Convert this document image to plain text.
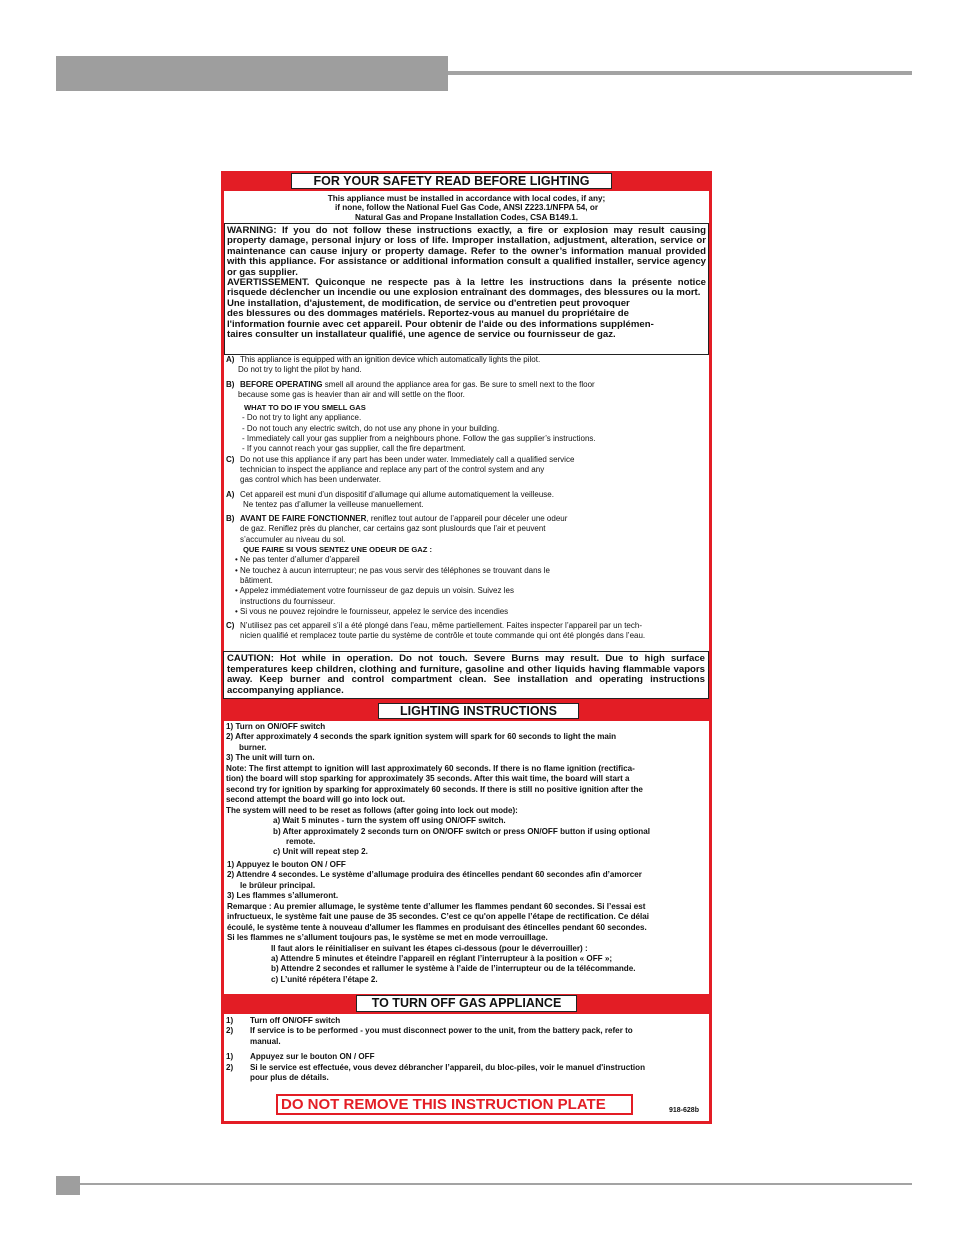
FOR YOUR SAFETY READ BEFORE LIGHTING
This appliance must be installed in accordance with local codes, if any;
if none, follow the National Fuel Gas Code, ANSI Z223.1/NFPA 54, or
Natural Gas and Propane Installation Codes, CSA B149.1.

WARNING: If you do not follow these instructions exactly, a fire or explosion may result causing property damage, personal injury or loss of life. Improper installation, adjustment, alteration, service or maintenance can cause injury or property damage. Refer to the owner’s information manual provided with this appliance. For assistance or additional information consult a qualified installer, service agency or gas supplier.

AVERTISSEMENT. Quiconque ne respecte pas à la lettre les instructions dans la présente notice risquede déclencher un incendie ou une explosion entraînant des dommages, des blessures ou la mort.

Une installation, d'ajustement, de modification, de service ou d'entretien peut provoquer

des blessures ou des dommages matériels. Reportez-vous au manuel du propriétaire de

l'information fournie avec cet appareil. Pour obtenir de l'aide ou des informations supplémen-

taires consulter un installateur qualifié, une agence de service ou fournisseur de gaz.

A) This appliance is equipped with an ignition device which automatically lights the pilot.

Do not try to light the pilot by hand.

B) BEFORE OPERATING smell all around the appliance area for gas. Be sure to smell next to the floor

because some gas is heavier than air and will settle on the floor.

WHAT TO DO IF YOU SMELL GAS

- Do not try to light any appliance.

- Do not touch any electric switch, do not use any phone in your building.

- Immediately call your gas supplier from a neighbours phone. Follow the gas supplier’s instructions.

- If you cannot reach your gas supplier, call the fire department.

C) Do not use this appliance if any part has been under water. Immediately call a qualified service

technician to inspect the appliance and replace any part of the control system and any

gas control which has been underwater.

A) Cet appareil est muni d’un dispositif d’allumage qui allume automatiquement la veilleuse.

Ne tentez pas d’allumer la veilleuse manuellement.

B) AVANT DE FAIRE FONCTIONNER, reniflez tout autour de l’appareil pour déceler une odeur

de gaz. Reniflez près du plancher, car certains gaz sont pluslourds que l’air et peuvent

s’accumuler au niveau du sol.

QUE FAIRE SI VOUS SENTEZ UNE ODEUR DE GAZ :

• Ne pas tenter d’allumer d’appareil

• Ne touchez à aucun interrupteur; ne pas vous servir des téléphones se trouvant dans le

bâtiment.

• Appelez immédiatement votre fournisseur de gaz depuis un voisin. Suivez les

instructions du fournisseur.

• Si vous ne pouvez rejoindre le fournisseur, appelez le service des incendies

C) N’utilisez pas cet appareil s’il a été plongé dans l’eau, même partiellement. Faites inspecter l’appareil par un tech-

nicien qualifié et remplacez toute partie du système de contrôle et toute commande qui ont été plongés dans l’eau.

CAUTION: Hot while in operation. Do not touch. Severe Burns may result. Due to high surface temperatures keep children, clothing and furniture, gasoline and other liquids having flammable vapors away. Keep burner and control compartment clean. See installation and operating instructions accompanying appliance.
LIGHTING INSTRUCTIONS

1) Turn on ON/OFF switch

2) After approximately 4 seconds the spark ignition system will spark for 60 seconds to light the main

burner.

3) The unit will turn on.

Note: The first attempt to ignition will last approximately 60 seconds. If there is no flame ignition (rectifica-

tion) the board will stop sparking for approximately 35 seconds. After this wait time, the board will start a

second try for ignition by sparking for approximately 60 seconds. If there is still no positive ignition after the

second attempt the board will go into lock out.

The system will need to be reset as follows (after going into lock out mode):

a) Wait 5 minutes - turn the system off using ON/OFF switch.

b) After approximately 2 seconds turn on ON/OFF switch or press ON/OFF button if using optional

remote.

c) Unit will repeat step 2.

1) Appuyez le bouton ON / OFF

2) Attendre 4 secondes. Le système d’allumage produira des étincelles pendant 60 secondes afin d’amorcer

le brûleur principal.

3) Les flammes s’allumeront.

Remarque : Au premier allumage, le système tente d’allumer les flammes pendant 60 secondes. Si l’essai est

infructueux, le système fait une pause de 35 secondes. C’est ce qu'on appelle l’étape de rectification. Ce délai

écoulé, le système tente à nouveau d'allumer les flammes en produisant des étincelles pendant 60 secondes.

Si les flammes ne s’allument toujours pas, le système se met en mode verrouillage.

Il faut alors le réinitialiser en suivant les étapes ci-dessous (pour le déverrouiller) :

a) Attendre 5 minutes et éteindre l’appareil en réglant l’interrupteur à la position « OFF »;

b) Attendre 2 secondes et rallumer le système à l’aide de l’interrupteur ou de la télécommande.

c) L’unité répétera l’étape 2.

TO TURN OFF GAS APPLIANCE

1) Turn off ON/OFF switch

2) If service is to be performed - you must disconnect power to the unit, from the battery pack, refer to

manual.

1) Appuyez sur le bouton ON / OFF

2) Si le service est effectuée, vous devez débrancher l’appareil, du bloc-piles, voir le manuel d'instruction

pour plus de détails.

DO NOT REMOVE THIS INSTRUCTION PLATE	918-628b
